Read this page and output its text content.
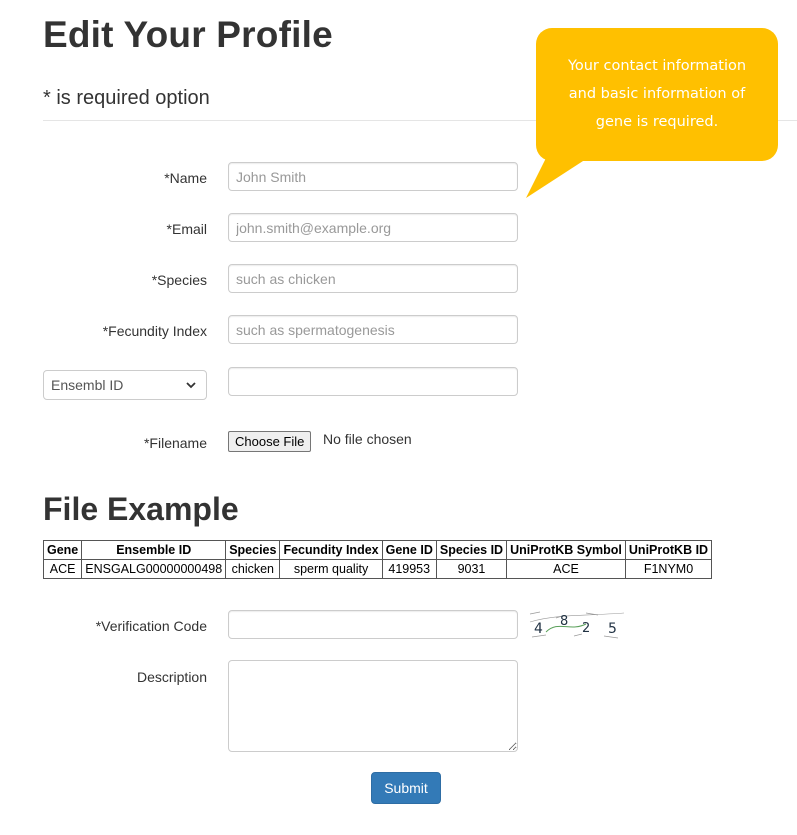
Edit Your Profile
* is required option
Your contact information
and basic information of
gene is required.
*Name
John Smith
*Email
john.smith@example.org
*Species
such as chicken
*Fecundity Index
such as spermatogenesis
Ensembl ID
*Filename	Choose File	No file chosen
File Example
Gene	Ensemble ID	Species	Fecundity Index	Gene ID	Species ID	UniProtKB Symbol	UniProtKB ID
ACE	ENSGALG00000000498	chicken	sperm quality	419953	9031	ACE	F1NYM0
*Verification Code	4 8 2 5
Description
Submit
